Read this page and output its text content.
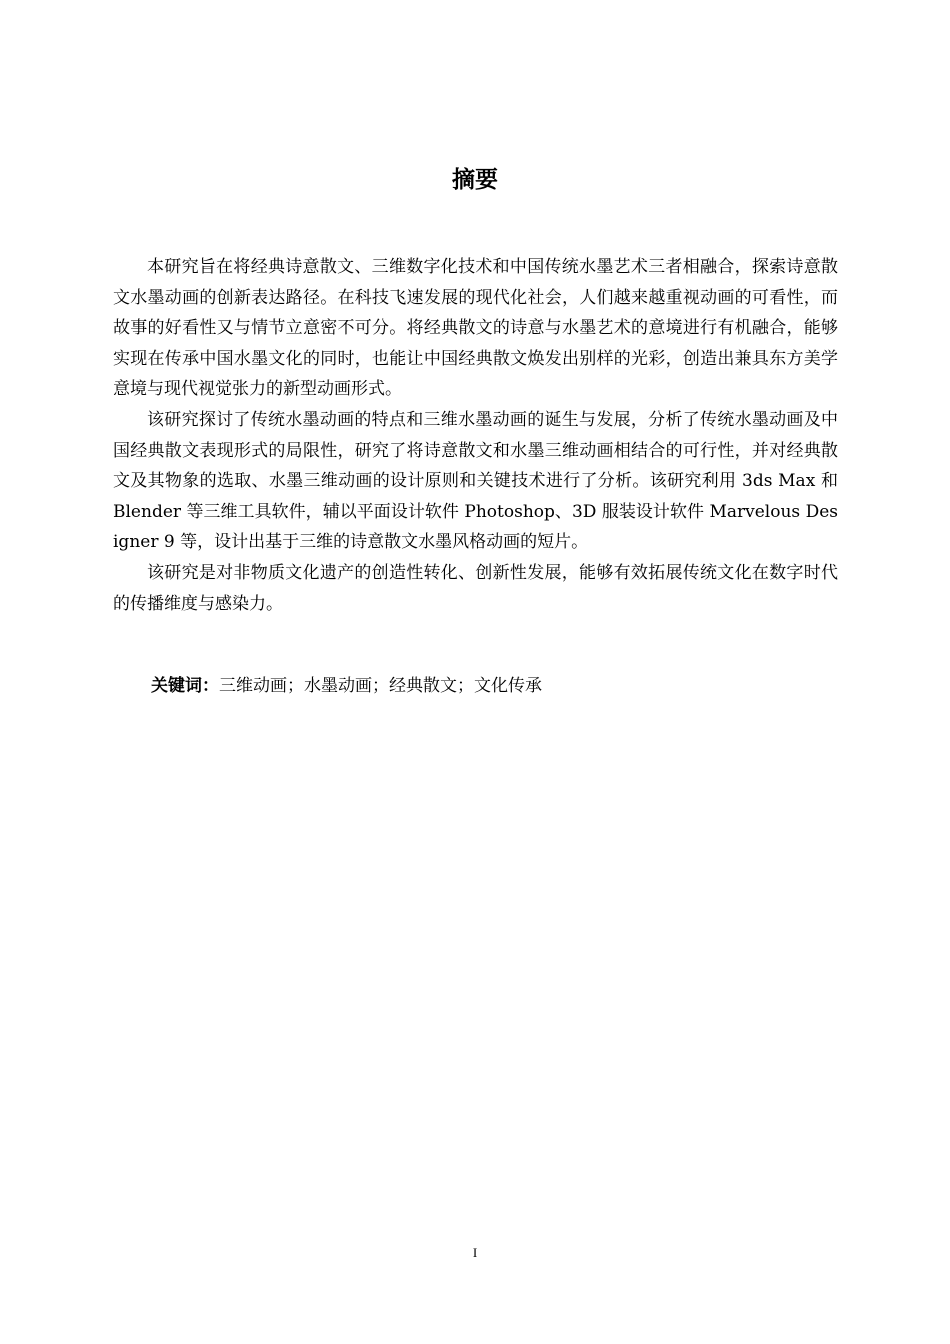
摘要

本研究旨在将经典诗意散文、三维数字化技术和中国传统水墨艺术三者相融合，探索诗意散文水墨动画的创新表达路径。在科技飞速发展的现代化社会，人们越来越重视动画的可看性，而故事的好看性又与情节立意密不可分。将经典散文的诗意与水墨艺术的意境进行有机融合，能够实现在传承中国水墨文化的同时，也能让中国经典散文焕发出别样的光彩，创造出兼具东方美学意境与现代视觉张力的新型动画形式。

该研究探讨了传统水墨动画的特点和三维水墨动画的诞生与发展，分析了传统水墨动画及中国经典散文表现形式的局限性，研究了将诗意散文和水墨三维动画相结合的可行性，并对经典散文及其物象的选取、水墨三维动画的设计原则和关键技术进行了分析。该研究利用 3ds Max 和 Blender 等三维工具软件，辅以平面设计软件 Photoshop、3D 服装设计软件 Marvelous Designer 9 等，设计出基于三维的诗意散文水墨风格动画的短片。

该研究是对非物质文化遗产的创造性转化、创新性发展，能够有效拓展传统文化在数字时代的传播维度与感染力。

关键词：三维动画；水墨动画；经典散文；文化传承

I
